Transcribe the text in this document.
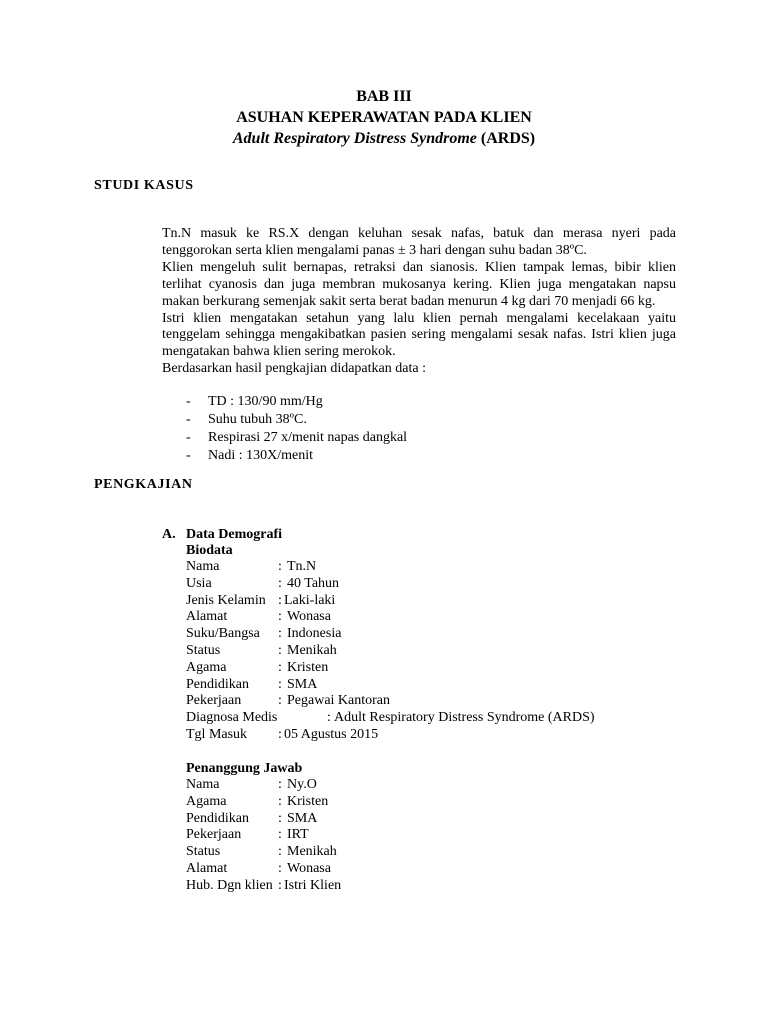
BAB III
ASUHAN KEPERAWATAN PADA KLIEN
Adult Respiratory Distress Syndrome (ARDS)
STUDI KASUS

Tn.N masuk ke RS.X dengan keluhan sesak nafas, batuk dan merasa nyeri pada tenggorokan serta klien mengalami panas ± 3 hari dengan suhu badan 38ºC.

Klien mengeluh sulit bernapas, retraksi dan sianosis. Klien tampak lemas, bibir klien terlihat cyanosis dan juga membran mukosanya kering. Klien juga mengatakan napsu makan berkurang semenjak sakit serta berat badan menurun 4 kg dari 70 menjadi 66 kg.

Istri klien mengatakan setahun yang lalu klien pernah mengalami kecelakaan yaitu tenggelam sehingga mengakibatkan pasien sering mengalami sesak nafas. Istri klien juga mengatakan bahwa klien sering merokok.

Berdasarkan hasil pengkajian didapatkan data :

- TD : 130/90 mm/Hg
- Suhu tubuh 38ºC.
- Respirasi 27 x/menit napas dangkal
- Nadi : 130X/menit
PENGKAJIAN
A. Data Demografi
Biodata
Nama	: Tn.N
Usia	: 40 Tahun
Jenis Kelamin : Laki-laki
Alamat	: Wonasa
Suku/Bangsa : Indonesia
Status	: Menikah
Agama	: Kristen
Pendidikan : SMA
Pekerjaan	: Pegawai Kantoran
Diagnosa Medis	: Adult Respiratory Distress Syndrome (ARDS)
Tgl Masuk : 05 Agustus 2015
Penanggung Jawab
Nama	: Ny.O
Agama	: Kristen
Pendidikan : SMA
Pekerjaan	: IRT
Status	: Menikah
Alamat	: Wonasa
Hub. Dgn klien : Istri Klien
